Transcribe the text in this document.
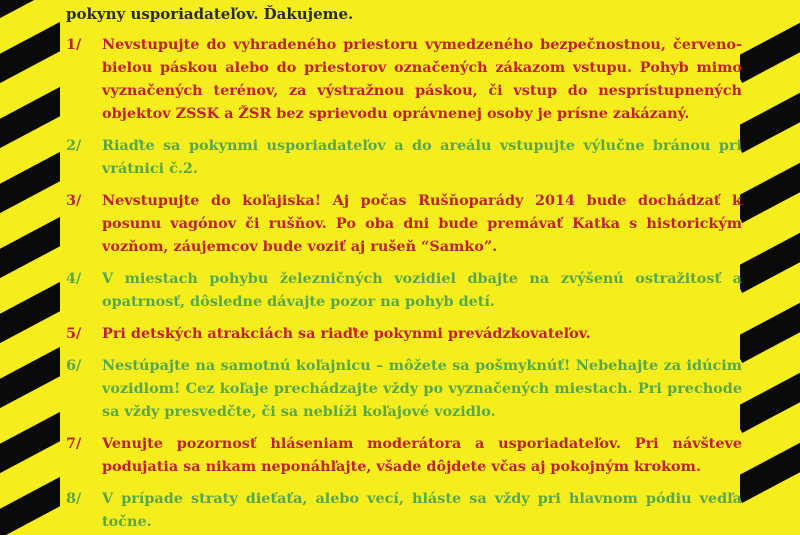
pokyny usporiadateľov. Ďakujeme.

1/	Nevstupujte do vyhradeného priestoru vymedzeného bezpečnostnou, červeno-bielou páskou alebo do priestorov označených zákazom vstupu. Pohyb mimo vyznačených terénov, za výstražnou páskou, či vstup do nesprístupnených objektov ZSSK a ŽSR bez sprievodu oprávnenej osoby je prísne zakázaný.
2/	Riaďte sa pokynmi usporiadateľov a do areálu vstupujte výlučne bránou pri vrátnici č.2.
3/	Nevstupujte do koľajiska! Aj počas Rušňoparády 2014 bude dochádzať k posunu vagónov či rušňov. Po oba dni bude premávať Katka s historickým vozňom, záujemcov bude voziť aj rušeň “Samko”.
4/	V miestach pohybu železničných vozidiel dbajte na zvýšenú ostražitosť a opatrnosť, dôsledne dávajte pozor na pohyb detí.
5/	Pri detských atrakciách sa riaďte pokynmi prevádzkovateľov.
6/	Nestúpajte na samotnú koľajnicu – môžete sa pošmyknúť! Nebehajte za idúcim vozidlom! Cez koľaje prechádzajte vždy po vyznačených miestach. Pri prechode sa vždy presvedčte, či sa neblíži koľajové vozidlo.
7/	Venujte pozornosť hláseniam moderátora a usporiadateľov. Pri návšteve podujatia sa nikam neponáhľajte, všade dôjdete včas aj pokojným krokom.
8/	V prípade straty dieťaťa, alebo vecí, hláste sa vždy pri hlavnom pódiu vedľa točne.
